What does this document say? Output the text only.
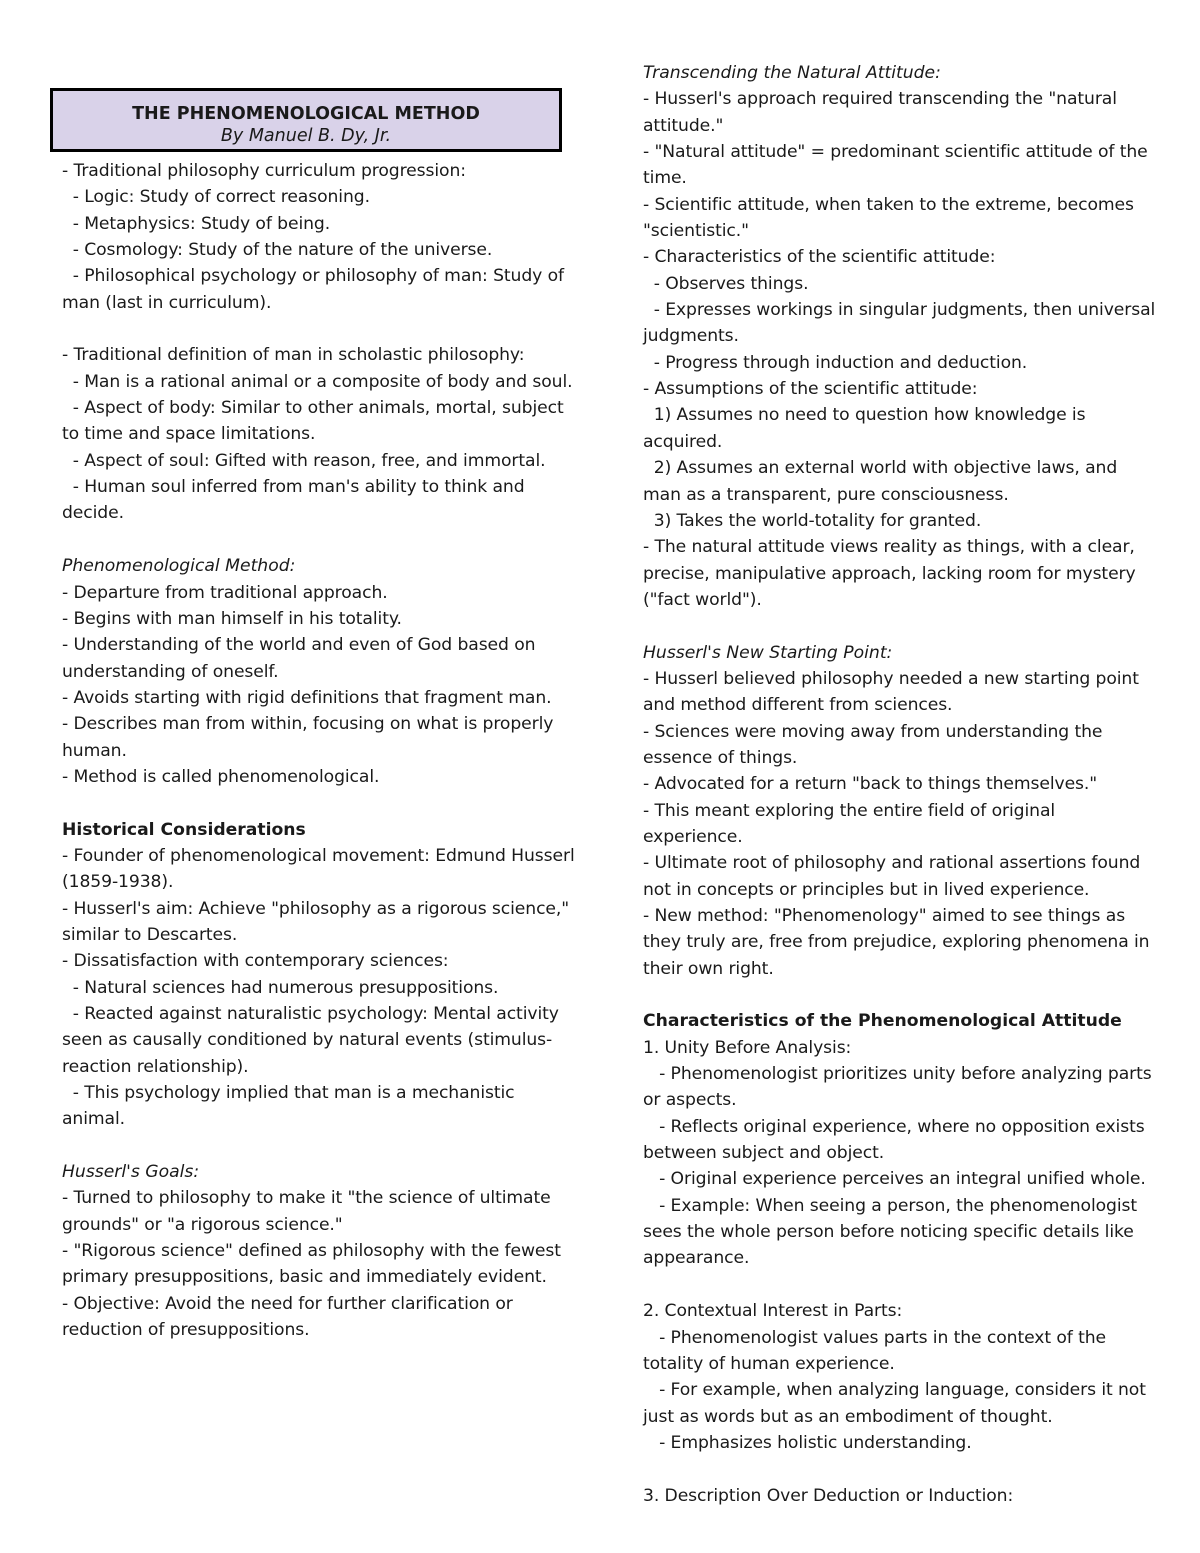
THE PHENOMENOLOGICAL METHOD
By Manuel B. Dy, Jr.
- Traditional philosophy curriculum progression:
- Logic: Study of correct reasoning.
- Metaphysics: Study of being.
- Cosmology: Study of the nature of the universe.
- Philosophical psychology or philosophy of man: Study of man (last in curriculum).
- Traditional definition of man in scholastic philosophy:
- Man is a rational animal or a composite of body and soul.
- Aspect of body: Similar to other animals, mortal, subject to time and space limitations.
- Aspect of soul: Gifted with reason, free, and immortal.
- Human soul inferred from man's ability to think and decide.
Phenomenological Method:
- Departure from traditional approach.
- Begins with man himself in his totality.
- Understanding of the world and even of God based on understanding of oneself.
- Avoids starting with rigid definitions that fragment man.
- Describes man from within, focusing on what is properly human.
- Method is called phenomenological.
Historical Considerations
- Founder of phenomenological movement: Edmund Husserl (1859-1938).
- Husserl's aim: Achieve "philosophy as a rigorous science," similar to Descartes.
- Dissatisfaction with contemporary sciences:
- Natural sciences had numerous presuppositions.
- Reacted against naturalistic psychology: Mental activity seen as causally conditioned by natural events (stimulus-reaction relationship).
- This psychology implied that man is a mechanistic animal.
Husserl's Goals:
- Turned to philosophy to make it "the science of ultimate grounds" or "a rigorous science."
- "Rigorous science" defined as philosophy with the fewest primary presuppositions, basic and immediately evident.
- Objective: Avoid the need for further clarification or reduction of presuppositions.
Transcending the Natural Attitude:
- Husserl's approach required transcending the "natural attitude."
- "Natural attitude" = predominant scientific attitude of the time.
- Scientific attitude, when taken to the extreme, becomes "scientistic."
- Characteristics of the scientific attitude:
- Observes things.
- Expresses workings in singular judgments, then universal judgments.
- Progress through induction and deduction.
- Assumptions of the scientific attitude:
1) Assumes no need to question how knowledge is acquired.
2) Assumes an external world with objective laws, and man as a transparent, pure consciousness.
3) Takes the world-totality for granted.
- The natural attitude views reality as things, with a clear, precise, manipulative approach, lacking room for mystery ("fact world").
Husserl's New Starting Point:
- Husserl believed philosophy needed a new starting point and method different from sciences.
- Sciences were moving away from understanding the essence of things.
- Advocated for a return "back to things themselves."
- This meant exploring the entire field of original experience.
- Ultimate root of philosophy and rational assertions found not in concepts or principles but in lived experience.
- New method: "Phenomenology" aimed to see things as they truly are, free from prejudice, exploring phenomena in their own right.
Characteristics of the Phenomenological Attitude
1. Unity Before Analysis:
- Phenomenologist prioritizes unity before analyzing parts or aspects.
- Reflects original experience, where no opposition exists between subject and object.
- Original experience perceives an integral unified whole.
- Example: When seeing a person, the phenomenologist sees the whole person before noticing specific details like appearance.
2. Contextual Interest in Parts:
- Phenomenologist values parts in the context of the totality of human experience.
- For example, when analyzing language, considers it not just as words but as an embodiment of thought.
- Emphasizes holistic understanding.
3. Description Over Deduction or Induction:
